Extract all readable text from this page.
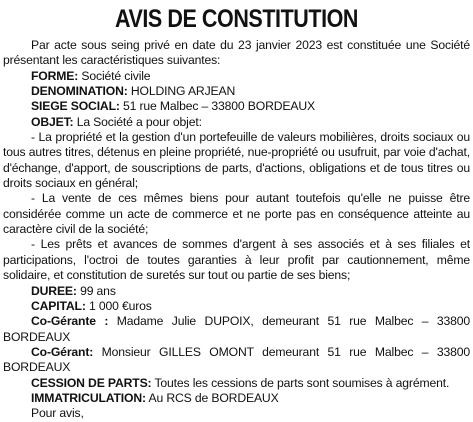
AVIS DE CONSTITUTION

Par acte sous seing privé en date du 23 janvier 2023 est constituée une Société présentant les caractéristiques suivantes:

FORME: Société civile

DENOMINATION: HOLDING ARJEAN

SIEGE SOCIAL: 51 rue Malbec – 33800 BORDEAUX

OBJET: La Société a pour objet:

- La propriété et la gestion d'un portefeuille de valeurs mobilières, droits sociaux ou tous autres titres, détenus en pleine propriété, nue-propriété ou usufruit, par voie d'achat, d'échange, d'apport, de souscriptions de parts, d'actions, obligations et de tous titres ou droits sociaux en général;

- La vente de ces mêmes biens pour autant toutefois qu'elle ne puisse être considérée comme un acte de commerce et ne porte pas en conséquence atteinte au caractère civil de la société;

- Les prêts et avances de sommes d'argent à ses associés et à ses filiales et participations, l'octroi de toutes garanties à leur profit par cautionnement, même solidaire, et constitution de suretés sur tout ou partie de ses biens;

DUREE: 99 ans

CAPITAL: 1 000 €uros

Co-Gérante : Madame Julie DUPOIX, demeurant 51 rue Malbec – 33800 BORDEAUX

Co-Gérant: Monsieur GILLES OMONT demeurant 51 rue Malbec – 33800 BORDEAUX

CESSION DE PARTS: Toutes les cessions de parts sont soumises à agrément.

IMMATRICULATION: Au RCS de BORDEAUX

Pour avis,
